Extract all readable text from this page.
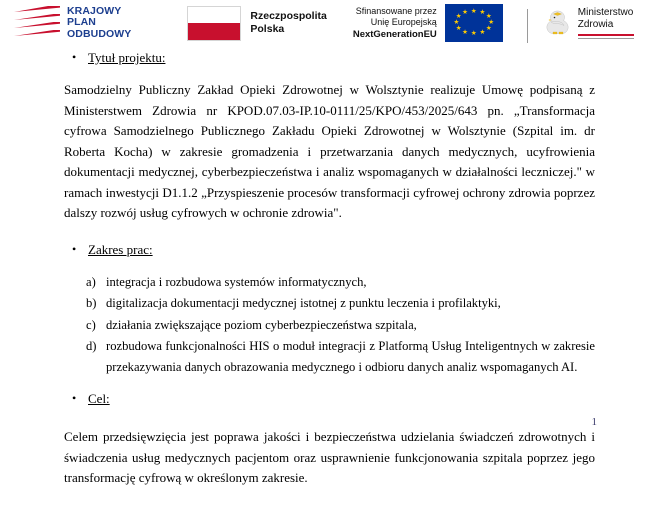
KRAJOWY
PLAN
ODBUDOWY
Rzeczpospolita
Polska
Sfinansowane przez
Unię Europejską
NextGenerationEU
★ ★
★
★
★
★
★
★
★
★
★
★	Ministerstwo
Zdrowia
• Tytuł projektu:

Samodzielny Publiczny Zakład Opieki Zdrowotnej w Wolsztynie realizuje Umowę podpisaną z Ministerstwem Zdrowia nr KPOD.07.03-IP.10-0111/25/KPO/453/2025/643 pn. „Transformacja cyfrowa Samodzielnego Publicznego Zakładu Opieki Zdrowotnej w Wolsztynie (Szpital im. dr Roberta Kocha) w zakresie gromadzenia i przetwarzania danych medycznych, ucyfrowienia dokumentacji medycznej, cyberbezpieczeństwa i analiz wspomaganych w działalności leczniczej." w ramach inwestycji D1.1.2 „Przyspieszenie procesów transformacji cyfrowej ochrony zdrowia poprzez dalszy rozwój usług cyfrowych w ochronie zdrowia".

• Zakres prac:
a) integracja i rozbudowa systemów informatycznych,
b) digitalizacja dokumentacji medycznej istotnej z punktu leczenia i profilaktyki,
c) działania zwiększające poziom cyberbezpieczeństwa szpitala,
d) rozbudowa funkcjonalności HIS o moduł integracji z Platformą Usług Inteligentnych w zakresie przekazywania danych obrazowania medycznego i odbioru danych analiz wspomaganych AI.
• Cel:

Celem przedsięwzięcia jest poprawa jakości i bezpieczeństwa udzielania świadczeń zdrowotnych i świadczenia usług medycznych pacjentom oraz usprawnienie funkcjonowania szpitala poprzez jego transformację cyfrową w określonym zakresie.

1
